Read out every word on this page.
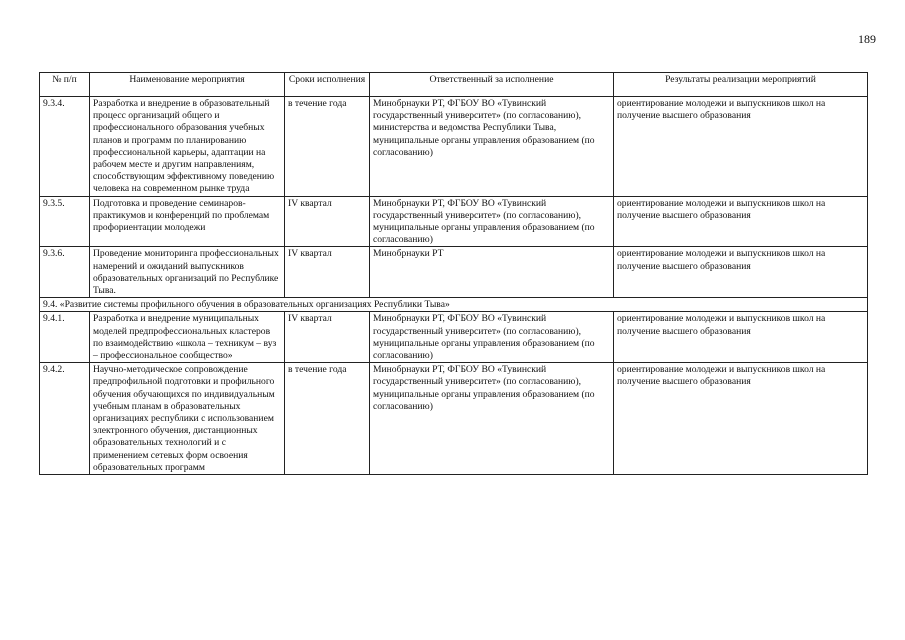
189
№ п/п	Наименование мероприятия	Сроки исполнения	Ответственный за исполнение	Результаты реализации мероприятий
9.3.4.	Разработка и внедрение в образовательный процесс организаций общего и профессионального образования учебных планов и программ по планированию профессиональной карьеры, адаптации на рабочем месте и другим направлениям, способствующим эффективному поведению человека на современном рынке труда	в течение года	Минобрнауки РТ, ФГБОУ ВО «Тувинский государственный университет» (по согласованию), министерства и ведомства Республики Тыва, муниципальные органы управления образованием (по согласованию)	ориентирование молодежи и выпускников школ на получение высшего образования
9.3.5.	Подготовка и проведение семинаров-практикумов и конференций по проблемам профориентации молодежи	IV квартал	Минобрнауки РТ, ФГБОУ ВО «Тувинский государственный университет» (по согласованию), муниципальные органы управления образованием (по согласованию)	ориентирование молодежи и выпускников школ на получение высшего образования
9.3.6.	Проведение мониторинга профессиональных намерений и ожиданий выпускников образовательных организаций по Республике Тыва.	IV квартал	Минобрнауки РТ	ориентирование молодежи и выпускников школ на получение высшего образования
9.4. «Развитие системы профильного обучения в образовательных организациях Республики Тыва»				
9.4.1.	Разработка и внедрение муниципальных моделей предпрофессиональных кластеров по взаимодействию «школа – техникум – вуз – профессиональное сообщество»	IV квартал	Минобрнауки РТ, ФГБОУ ВО «Тувинский государственный университет» (по согласованию), муниципальные органы управления образованием (по согласованию)	ориентирование молодежи и выпускников школ на получение высшего образования
9.4.2.	Научно-методическое сопровождение предпрофильной подготовки и профильного обучения обучающихся по индивидуальным учебным планам в образовательных организациях республики с использованием электронного обучения, дистанционных образовательных технологий и с применением сетевых форм освоения образовательных программ	в течение года	Минобрнауки РТ, ФГБОУ ВО «Тувинский государственный университет» (по согласованию), муниципальные органы управления образованием (по согласованию)	ориентирование молодежи и выпускников школ на получение высшего образования
